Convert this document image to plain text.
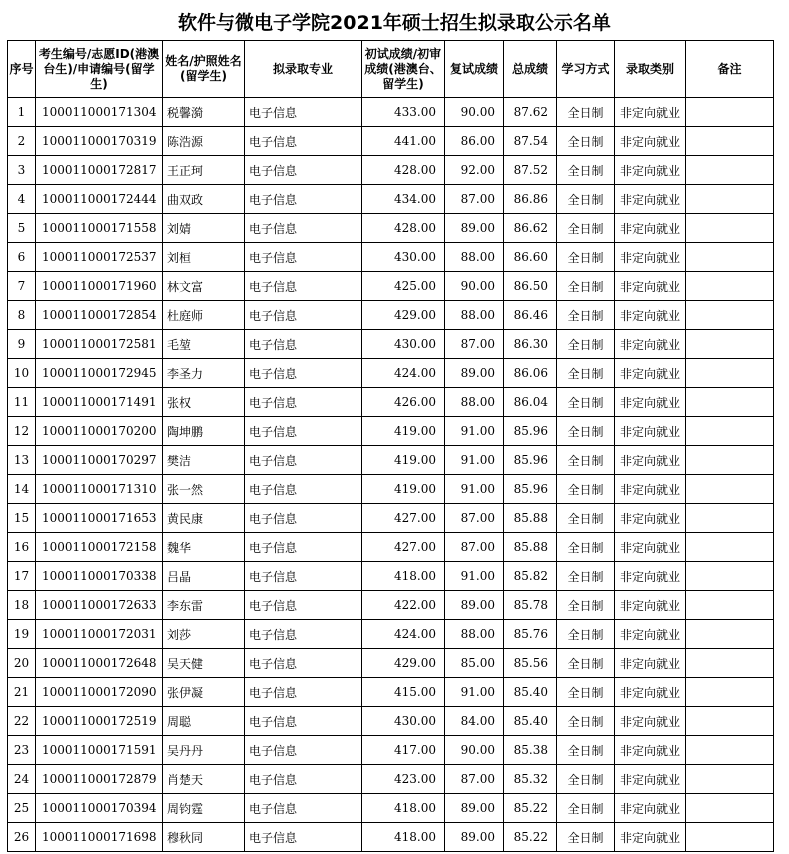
软件与微电子学院2021年硕士招生拟录取公示名单
序号	考生编号/志愿ID(港澳台生)/申请编号(留学生)	姓名/护照姓名(留学生)	拟录取专业	初试成绩/初审成绩(港澳台、留学生)	复试成绩	总成绩	学习方式	录取类别	备注
1	100011000171304	税馨漪	电子信息	433.00	90.00	87.62	全日制	非定向就业	
2	100011000170319	陈浩源	电子信息	441.00	86.00	87.54	全日制	非定向就业	
3	100011000172817	王正珂	电子信息	428.00	92.00	87.52	全日制	非定向就业	
4	100011000172444	曲双政	电子信息	434.00	87.00	86.86	全日制	非定向就业	
5	100011000171558	刘婧	电子信息	428.00	89.00	86.62	全日制	非定向就业	
6	100011000172537	刘桓	电子信息	430.00	88.00	86.60	全日制	非定向就业	
7	100011000171960	林文富	电子信息	425.00	90.00	86.50	全日制	非定向就业	
8	100011000172854	杜庭师	电子信息	429.00	88.00	86.46	全日制	非定向就业	
9	100011000172581	毛堃	电子信息	430.00	87.00	86.30	全日制	非定向就业	
10	100011000172945	李圣力	电子信息	424.00	89.00	86.06	全日制	非定向就业	
11	100011000171491	张权	电子信息	426.00	88.00	86.04	全日制	非定向就业	
12	100011000170200	陶坤鹏	电子信息	419.00	91.00	85.96	全日制	非定向就业	
13	100011000170297	樊洁	电子信息	419.00	91.00	85.96	全日制	非定向就业	
14	100011000171310	张一然	电子信息	419.00	91.00	85.96	全日制	非定向就业	
15	100011000171653	黄民康	电子信息	427.00	87.00	85.88	全日制	非定向就业	
16	100011000172158	魏华	电子信息	427.00	87.00	85.88	全日制	非定向就业	
17	100011000170338	吕晶	电子信息	418.00	91.00	85.82	全日制	非定向就业	
18	100011000172633	李东雷	电子信息	422.00	89.00	85.78	全日制	非定向就业	
19	100011000172031	刘莎	电子信息	424.00	88.00	85.76	全日制	非定向就业	
20	100011000172648	吴天健	电子信息	429.00	85.00	85.56	全日制	非定向就业	
21	100011000172090	张伊凝	电子信息	415.00	91.00	85.40	全日制	非定向就业	
22	100011000172519	周聪	电子信息	430.00	84.00	85.40	全日制	非定向就业	
23	100011000171591	吴丹丹	电子信息	417.00	90.00	85.38	全日制	非定向就业	
24	100011000172879	肖楚天	电子信息	423.00	87.00	85.32	全日制	非定向就业	
25	100011000170394	周钧霆	电子信息	418.00	89.00	85.22	全日制	非定向就业	
26	100011000171698	穆秋同	电子信息	418.00	89.00	85.22	全日制	非定向就业	
